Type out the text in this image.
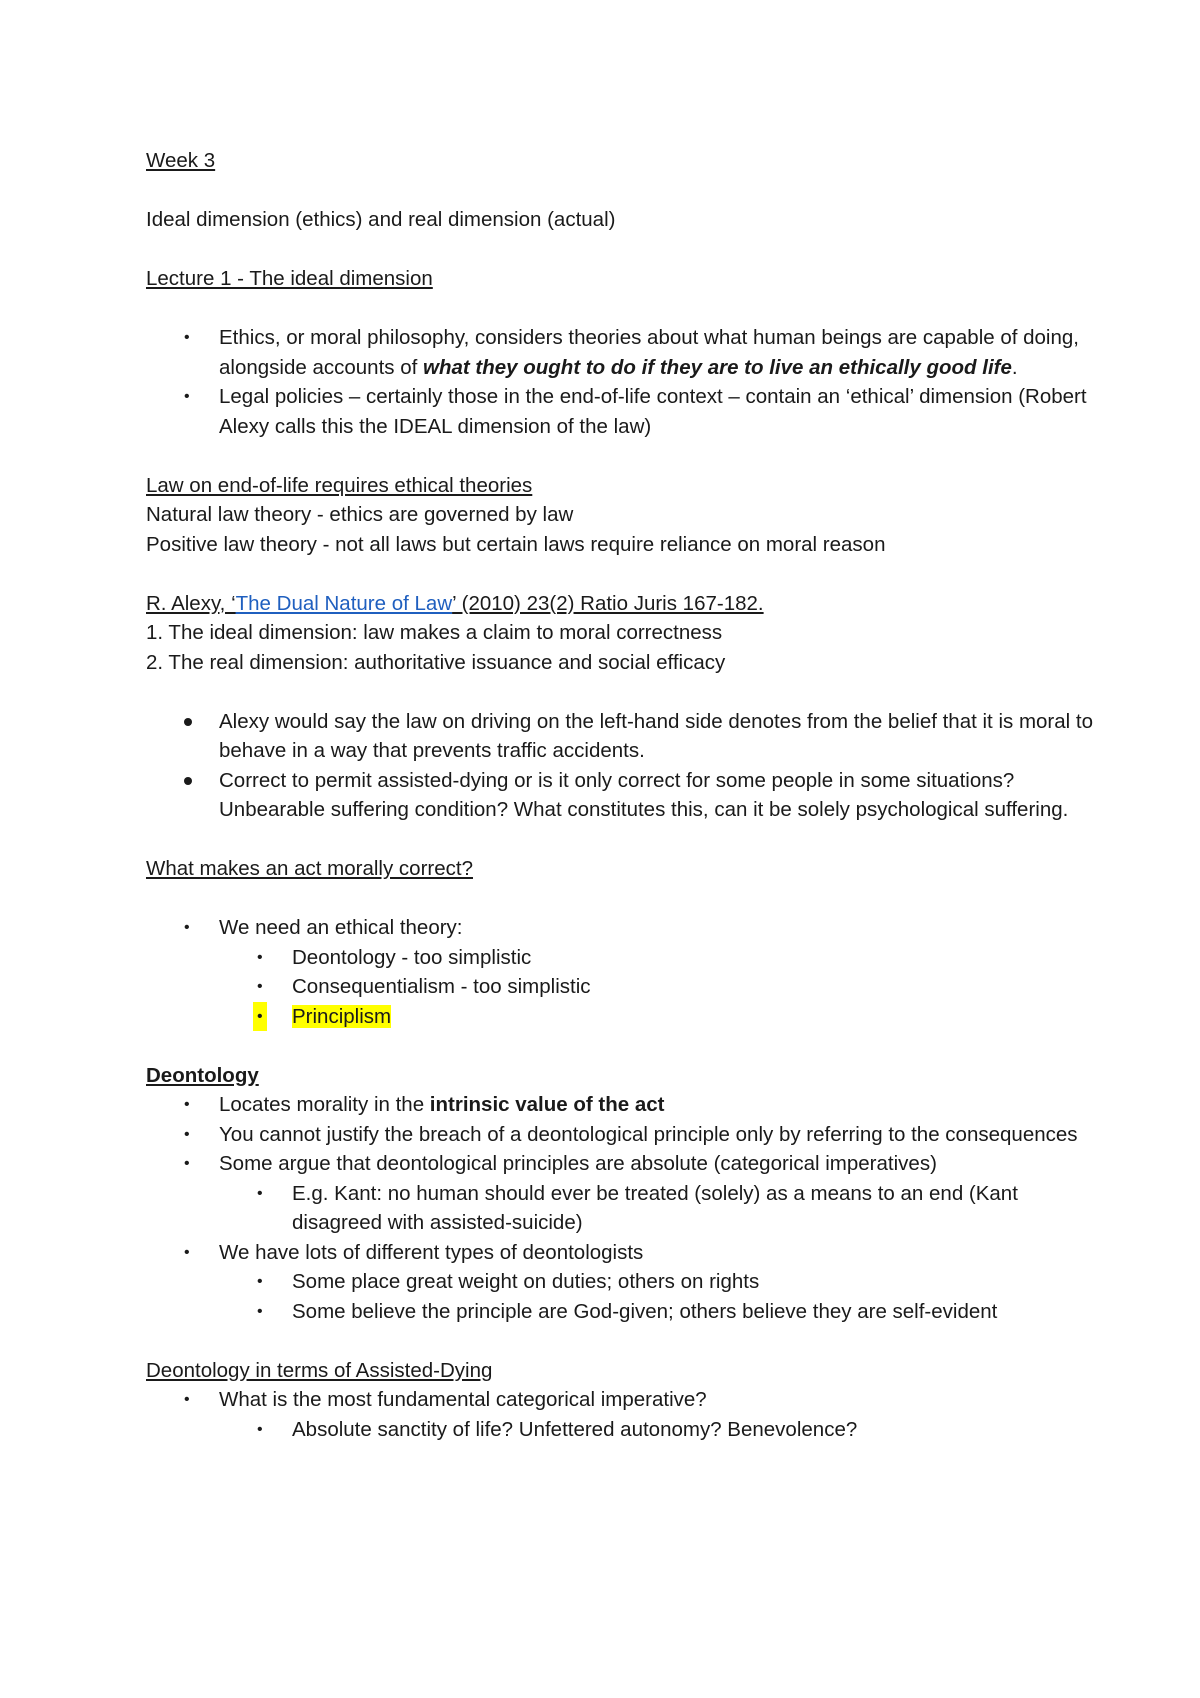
Week 3

Ideal dimension (ethics) and real dimension (actual)

Lecture 1 - The ideal dimension

• Ethics, or moral philosophy, considers theories about what human beings are capable of doing, alongside accounts of what they ought to do if they are to live an ethically good life.
• Legal policies – certainly those in the end-of-life context – contain an ‘ethical’ dimension (Robert Alexy calls this the IDEAL dimension of the law)

Law on end-of-life requires ethical theories

Natural law theory - ethics are governed by law

Positive law theory - not all laws but certain laws require reliance on moral reason

R. Alexy, ‘The Dual Nature of Law’ (2010) 23(2) Ratio Juris 167-182.

1. The ideal dimension: law makes a claim to moral correctness

2. The real dimension: authoritative issuance and social efficacy

Alexy would say the law on driving on the left-hand side denotes from the belief that it is moral to behave in a way that prevents traffic accidents.
Correct to permit assisted-dying or is it only correct for some people in some situations? Unbearable suffering condition? What constitutes this, can it be solely psychological suffering.

What makes an act morally correct?

• We need an ethical theory:
• Deontology - too simplistic
• Consequentialism - too simplistic
• Principlism

Deontology

• Locates morality in the intrinsic value of the act
• You cannot justify the breach of a deontological principle only by referring to the consequences
• Some argue that deontological principles are absolute (categorical imperatives)
• E.g. Kant: no human should ever be treated (solely) as a means to an end (Kant disagreed with assisted-suicide)
• We have lots of different types of deontologists
• Some place great weight on duties; others on rights
• Some believe the principle are God-given; others believe they are self-evident

Deontology in terms of Assisted-Dying

• What is the most fundamental categorical imperative?
• Absolute sanctity of life? Unfettered autonomy? Benevolence?
